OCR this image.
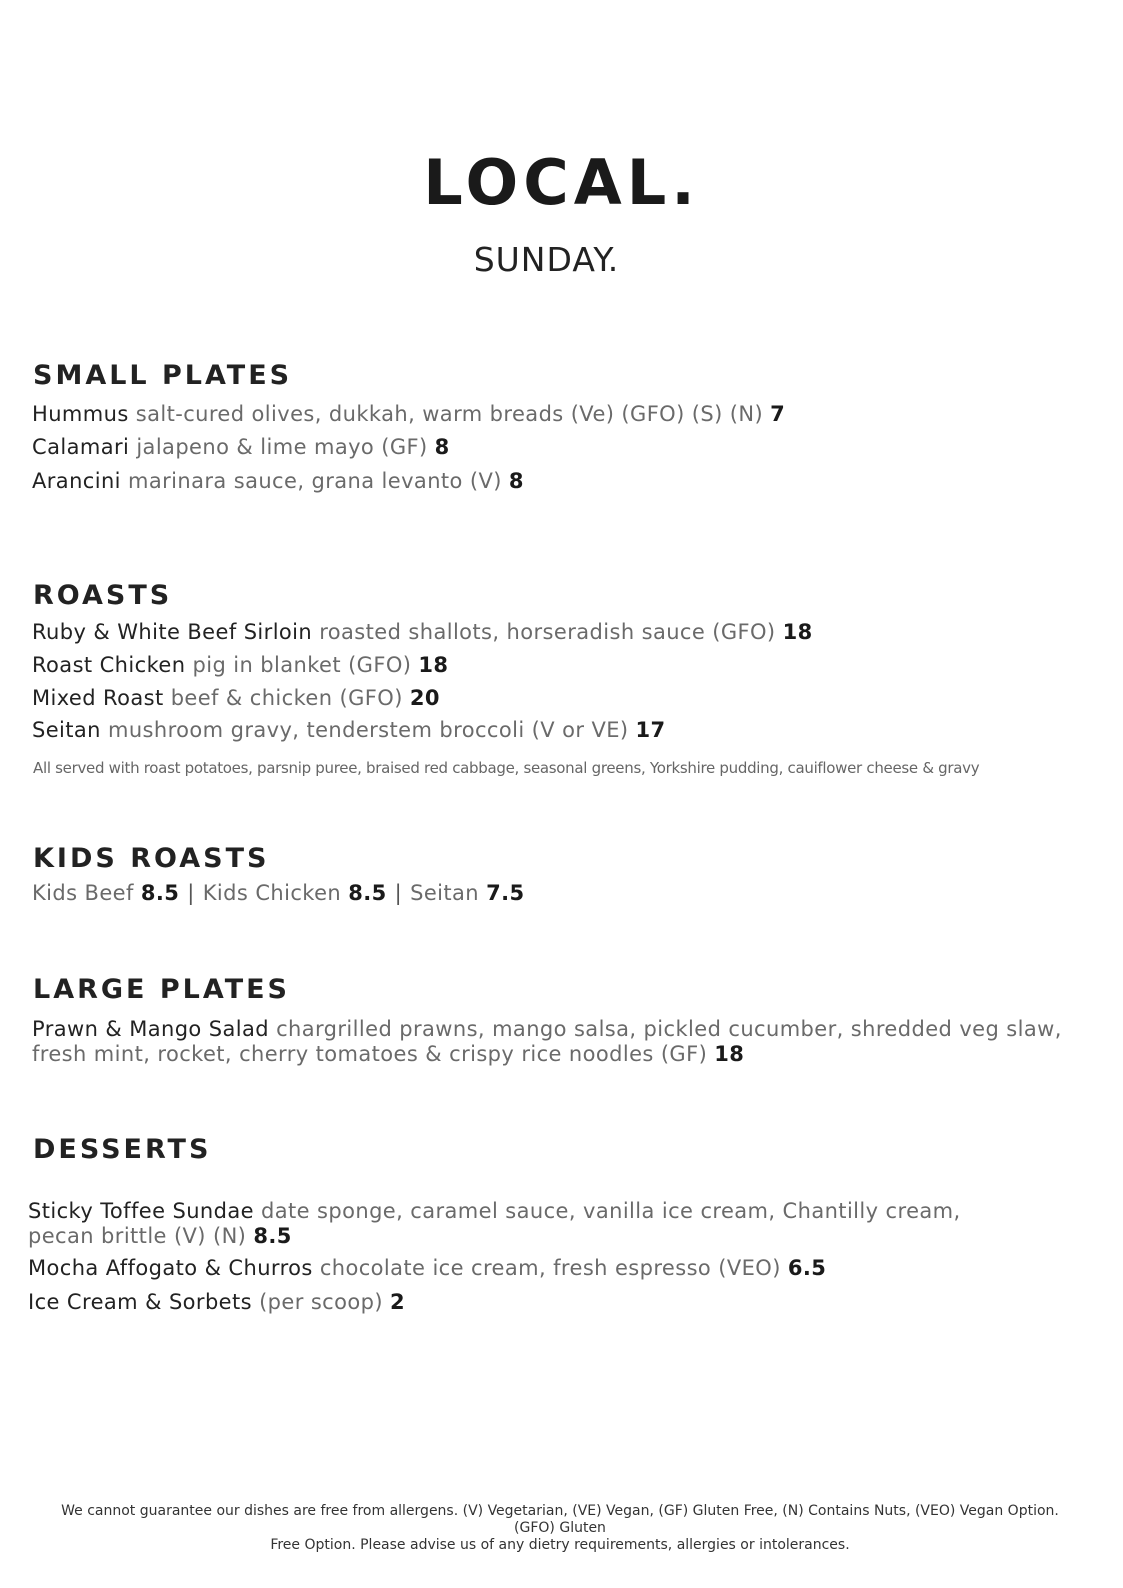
LOCAL.
SUNDAY.
SMALL PLATES
Hummus salt-cured olives, dukkah, warm breads (Ve) (GFO) (S) (N) 7
Calamari jalapeno & lime mayo (GF) 8
Arancini marinara sauce, grana levanto (V) 8
ROASTS
Ruby & White Beef Sirloin roasted shallots, horseradish sauce (GFO) 18
Roast Chicken pig in blanket (GFO) 18
Mixed Roast beef & chicken (GFO) 20
Seitan mushroom gravy, tenderstem broccoli (V or VE) 17
All served with roast potatoes, parsnip puree, braised red cabbage, seasonal greens, Yorkshire pudding, cauiflower cheese & gravy
KIDS ROASTS
Kids Beef 8.5 | Kids Chicken 8.5 | Seitan 7.5
LARGE PLATES
Prawn & Mango Salad chargrilled prawns, mango salsa, pickled cucumber, shredded veg slaw,
fresh mint, rocket, cherry tomatoes & crispy rice noodles (GF) 18
DESSERTS
Sticky Toffee Sundae date sponge, caramel sauce, vanilla ice cream, Chantilly cream,
pecan brittle (V) (N) 8.5
Mocha Affogato & Churros chocolate ice cream, fresh espresso (VEO) 6.5
Ice Cream & Sorbets (per scoop) 2
We cannot guarantee our dishes are free from allergens. (V) Vegetarian, (VE) Vegan, (GF) Gluten Free, (N) Contains Nuts, (VEO) Vegan Option. (GFO) Gluten
Free Option. Please advise us of any dietry requirements, allergies or intolerances.
